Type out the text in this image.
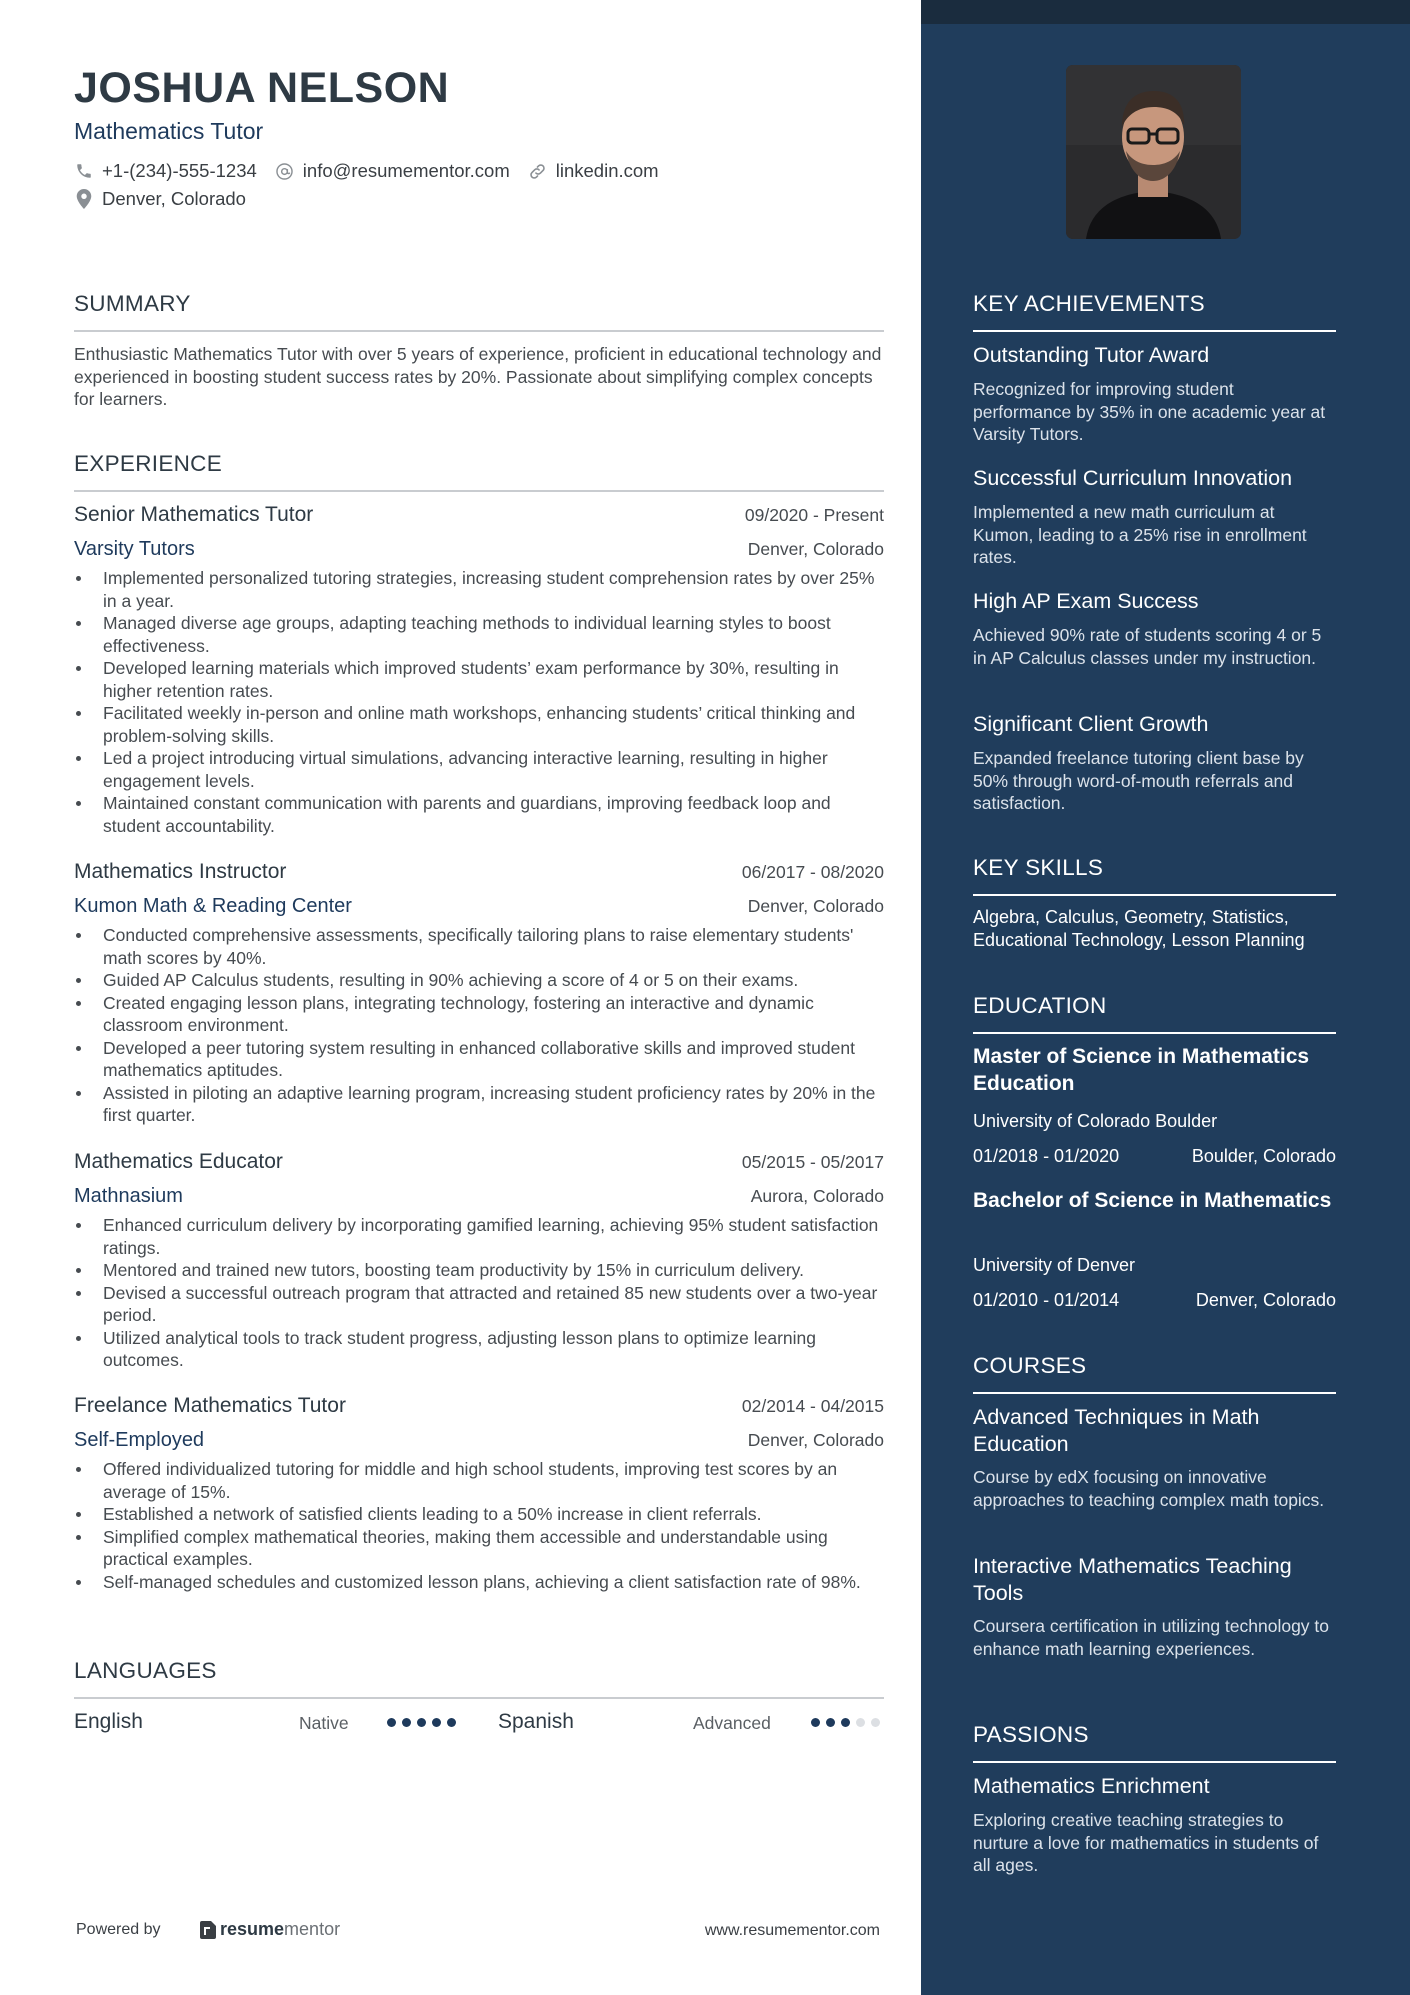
JOSHUA NELSON
Mathematics Tutor
+1-(234)-555-1234 info@resumementor.com linkedin.com
Denver, Colorado
SUMMARY
Enthusiastic Mathematics Tutor with over 5 years of experience, proficient in educational technology and experienced in boosting student success rates by 20%. Passionate about simplifying complex concepts for learners.
EXPERIENCE
Senior Mathematics Tutor	09/2020 - Present
Varsity Tutors	Denver, Colorado
Implemented personalized tutoring strategies, increasing student comprehension rates by over 25% in a year.
Managed diverse age groups, adapting teaching methods to individual learning styles to boost effectiveness.
Developed learning materials which improved students’ exam performance by 30%, resulting in higher retention rates.
Facilitated weekly in-person and online math workshops, enhancing students’ critical thinking and problem-solving skills.
Led a project introducing virtual simulations, advancing interactive learning, resulting in higher engagement levels.
Maintained constant communication with parents and guardians, improving feedback loop and student accountability.
Mathematics Instructor	06/2017 - 08/2020
Kumon Math & Reading Center	Denver, Colorado
Conducted comprehensive assessments, specifically tailoring plans to raise elementary students' math scores by 40%.
Guided AP Calculus students, resulting in 90% achieving a score of 4 or 5 on their exams.
Created engaging lesson plans, integrating technology, fostering an interactive and dynamic classroom environment.
Developed a peer tutoring system resulting in enhanced collaborative skills and improved student mathematics aptitudes.
Assisted in piloting an adaptive learning program, increasing student proficiency rates by 20% in the first quarter.
Mathematics Educator	05/2015 - 05/2017
Mathnasium	Aurora, Colorado
Enhanced curriculum delivery by incorporating gamified learning, achieving 95% student satisfaction ratings.
Mentored and trained new tutors, boosting team productivity by 15% in curriculum delivery.
Devised a successful outreach program that attracted and retained 85 new students over a two-year period.
Utilized analytical tools to track student progress, adjusting lesson plans to optimize learning outcomes.
Freelance Mathematics Tutor	02/2014 - 04/2015
Self-Employed	Denver, Colorado
Offered individualized tutoring for middle and high school students, improving test scores by an average of 15%.
Established a network of satisfied clients leading to a 50% increase in client referrals.
Simplified complex mathematical theories, making them accessible and understandable using practical examples.
Self-managed schedules and customized lesson plans, achieving a client satisfaction rate of 98%.
LANGUAGES
English	Native	Spanish	Advanced
Powered by	resume mentor	www.resumementor.com
KEY ACHIEVEMENTS
Outstanding Tutor Award
Recognized for improving student performance by 35% in one academic year at Varsity Tutors.
Successful Curriculum Innovation
Implemented a new math curriculum at Kumon, leading to a 25% rise in enrollment rates.
High AP Exam Success
Achieved 90% rate of students scoring 4 or 5 in AP Calculus classes under my instruction.
Significant Client Growth
Expanded freelance tutoring client base by 50% through word-of-mouth referrals and satisfaction.
KEY SKILLS
Algebra, Calculus, Geometry, Statistics, Educational Technology, Lesson Planning
EDUCATION
Master of Science in Mathematics Education
University of Colorado Boulder
01/2018 - 01/2020	Boulder, Colorado
Bachelor of Science in Mathematics
University of Denver
01/2010 - 01/2014	Denver, Colorado
COURSES
Advanced Techniques in Math Education
Course by edX focusing on innovative approaches to teaching complex math topics.
Interactive Mathematics Teaching Tools
Coursera certification in utilizing technology to enhance math learning experiences.
PASSIONS
Mathematics Enrichment
Exploring creative teaching strategies to nurture a love for mathematics in students of all ages.
